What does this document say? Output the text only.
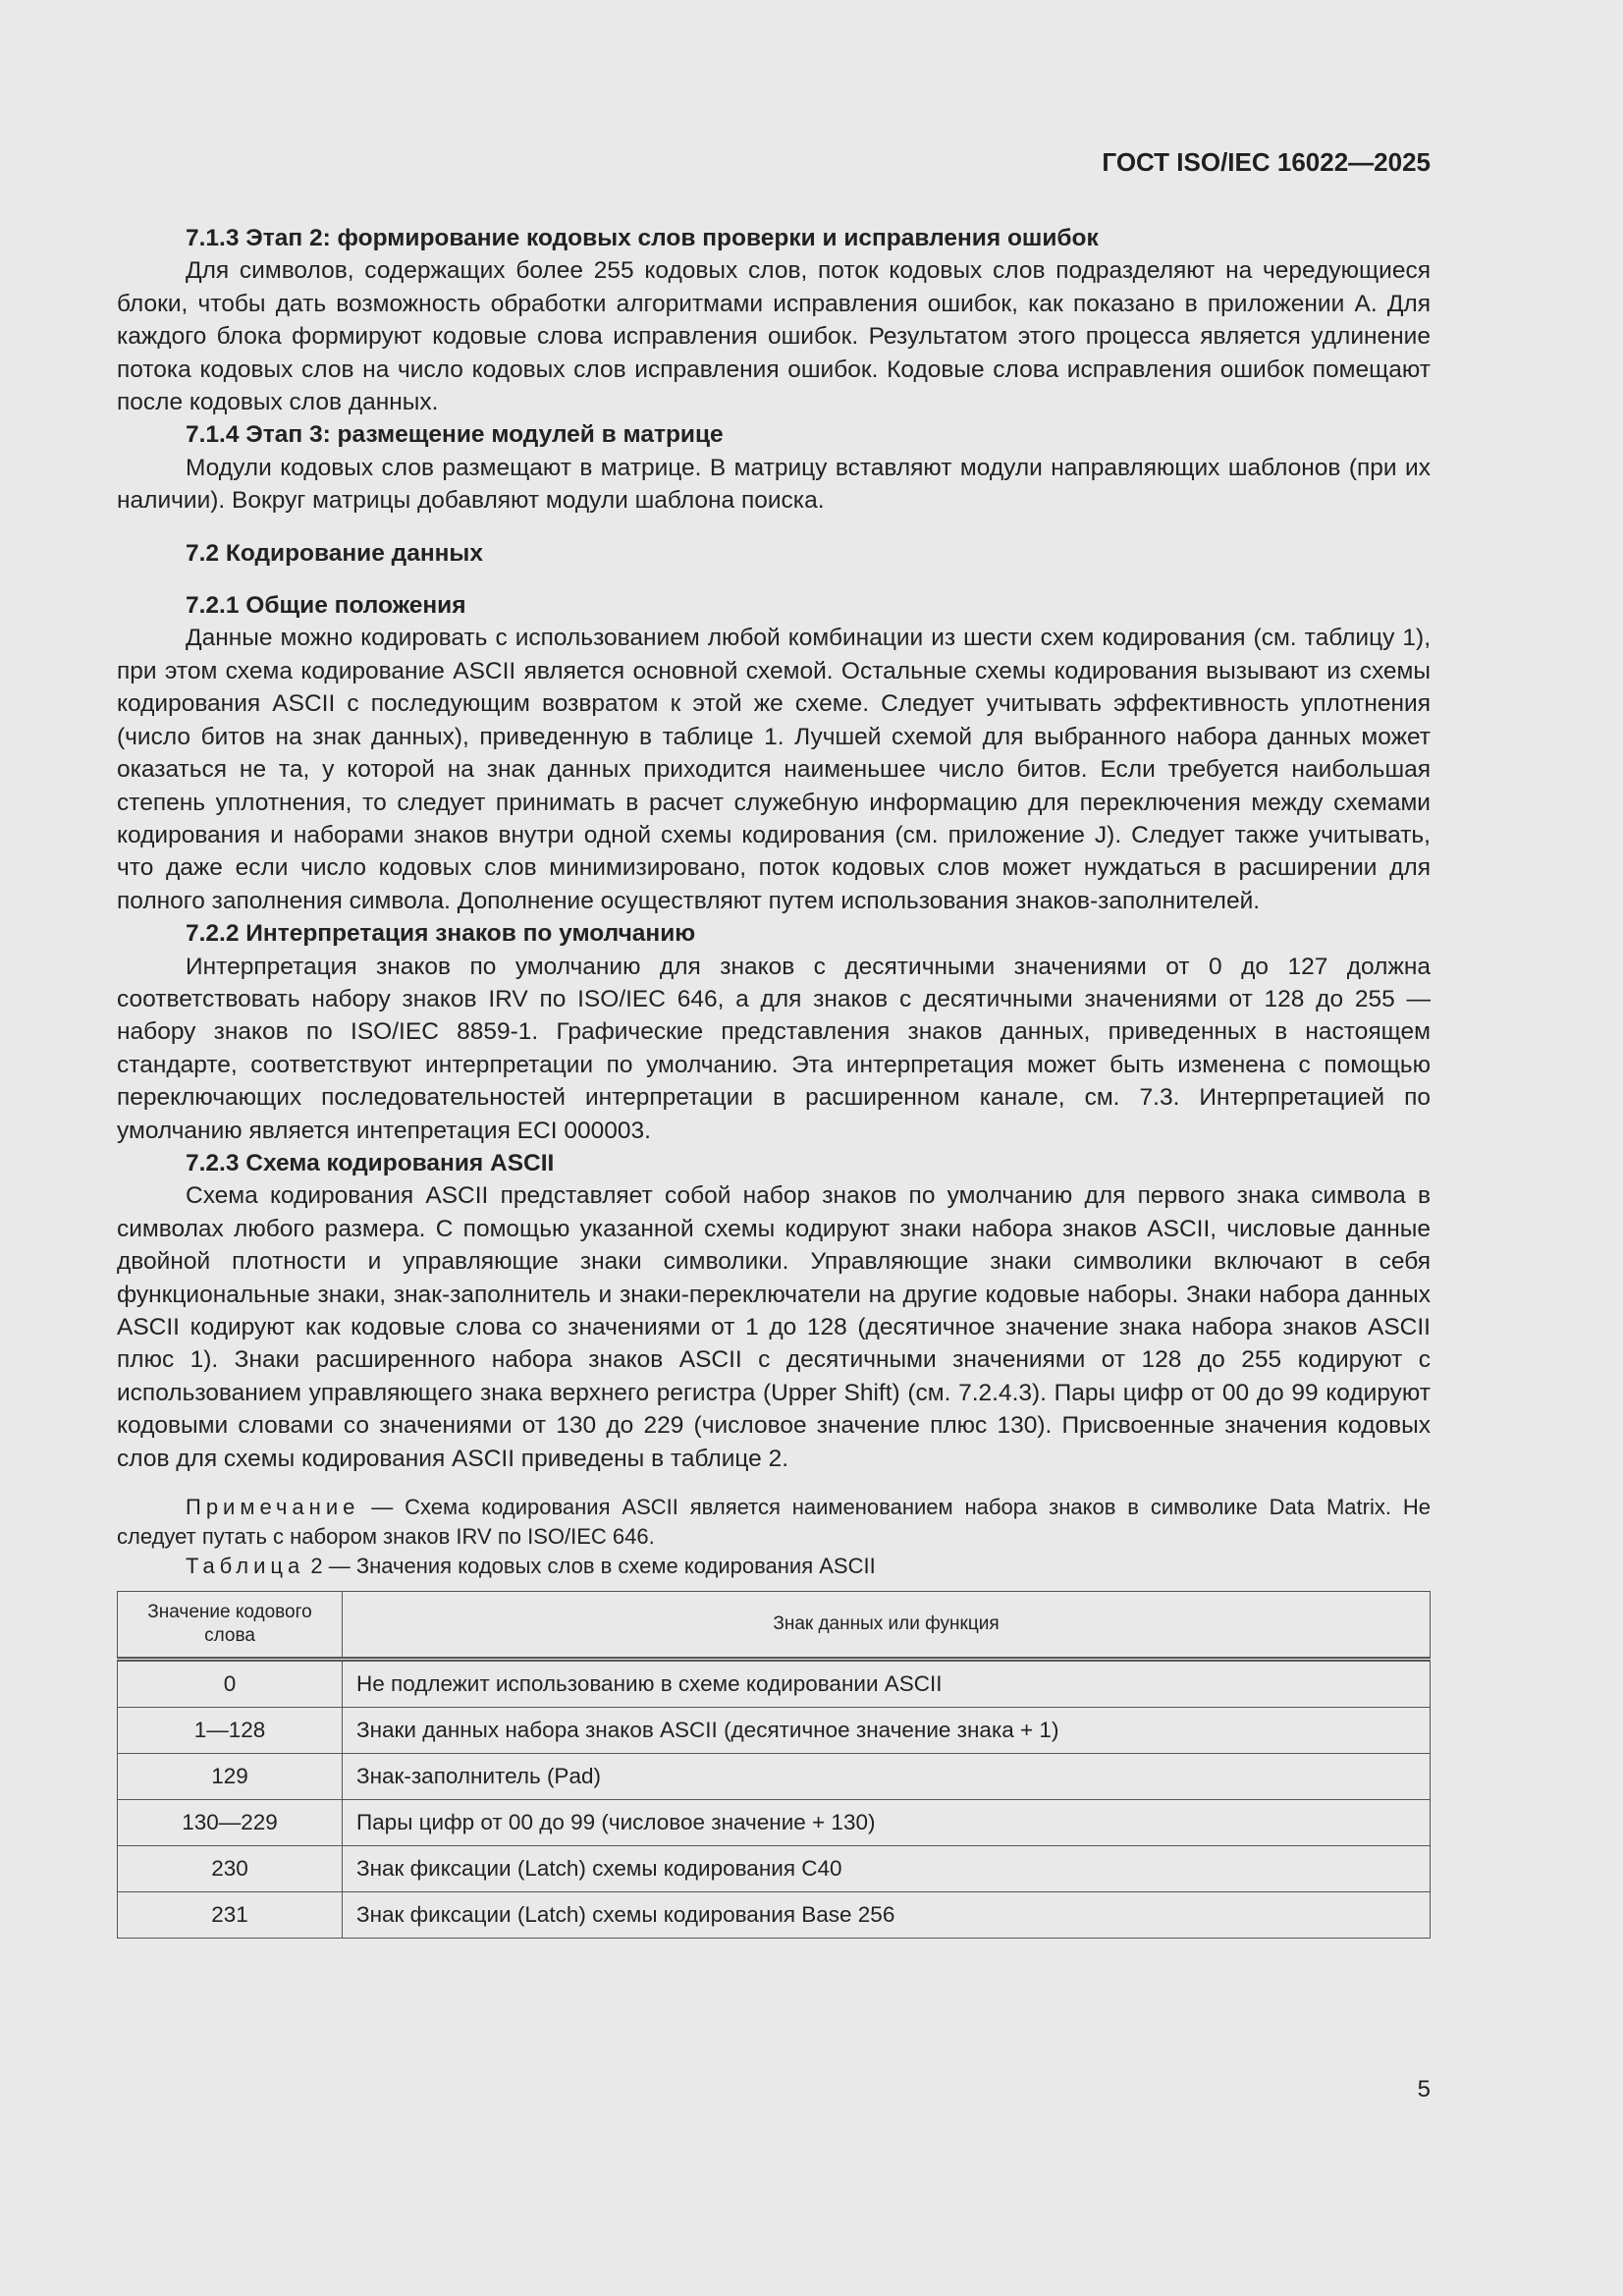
ГОСТ ISO/IEC 16022—2025
7.1.3 Этап 2: формирование кодовых слов проверки и исправления ошибок

Для символов, содержащих более 255 кодовых слов, поток кодовых слов подразделяют на чередующиеся блоки, чтобы дать возможность обработки алгоритмами исправления ошибок, как показано в приложении А. Для каждого блока формируют кодовые слова исправления ошибок. Результатом этого процесса является удлинение потока кодовых слов на число кодовых слов исправления ошибок. Кодовые слова исправления ошибок помещают после кодовых слов данных.

7.1.4 Этап 3: размещение модулей в матрице

Модули кодовых слов размещают в матрице. В матрицу вставляют модули направляющих шаблонов (при их наличии). Вокруг матрицы добавляют модули шаблона поиска.

7.2 Кодирование данных
7.2.1 Общие положения

Данные можно кодировать с использованием любой комбинации из шести схем кодирования (см. таблицу 1), при этом схема кодирование ASCII является основной схемой. Остальные схемы кодирования вызывают из схемы кодирования ASCII с последующим возвратом к этой же схеме. Следует учитывать эффективность уплотнения (число битов на знак данных), приведенную в таблице 1. Лучшей схемой для выбранного набора данных может оказаться не та, у которой на знак данных приходится наименьшее число битов. Если требуется наибольшая степень уплотнения, то следует принимать в расчет служебную информацию для переключения между схемами кодирования и наборами знаков внутри одной схемы кодирования (см. приложение J). Следует также учитывать, что даже если число кодовых слов минимизировано, поток кодовых слов может нуждаться в расширении для полного заполнения символа. Дополнение осуществляют путем использования знаков-заполнителей.

7.2.2 Интерпретация знаков по умолчанию

Интерпретация знаков по умолчанию для знаков с десятичными значениями от 0 до 127 должна соответствовать набору знаков IRV по ISO/IEC 646, а для знаков с десятичными значениями от 128 до 255 — набору знаков по ISO/IEC 8859-1. Графические представления знаков данных, приведенных в настоящем стандарте, соответствуют интерпретации по умолчанию. Эта интерпретация может быть изменена с помощью переключающих последовательностей интерпретации в расширенном канале, см. 7.3. Интерпретацией по умолчанию является интепретация ECI 000003.

7.2.3 Схема кодирования ASCII

Схема кодирования ASCII представляет собой набор знаков по умолчанию для первого знака символа в символах любого размера. С помощью указанной схемы кодируют знаки набора знаков ASCII, числовые данные двойной плотности и управляющие знаки символики. Управляющие знаки символики включают в себя функциональные знаки, знак-заполнитель и знаки-переключатели на другие кодовые наборы. Знаки набора данных ASCII кодируют как кодовые слова со значениями от 1 до 128 (десятичное значение знака набора знаков ASCII плюс 1). Знаки расширенного набора знаков ASCII с десятичными значениями от 128 до 255 кодируют с использованием управляющего знака верхнего регистра (Upper Shift) (см. 7.2.4.3). Пары цифр от 00 до 99 кодируют кодовыми словами со значениями от 130 до 229 (числовое значение плюс 130). Присвоенные значения кодовых слов для схемы кодирования ASCII приведены в таблице 2.

Примечание — Схема кодирования ASCII является наименованием набора знаков в символике Data Matrix. Не следует путать с набором знаков IRV по ISO/IEC 646.

Таблица 2 — Значения кодовых слов в схеме кодирования ASCII

Значение кодового слова	Знак данных или функция
0	Не подлежит использованию в схеме кодировании ASCII
1—128	Знаки данных набора знаков ASCII (десятичное значение знака + 1)
129	Знак-заполнитель (Pad)
130—229	Пары цифр от 00 до 99 (числовое значение + 130)
230	Знак фиксации (Latch) схемы кодирования C40
231	Знак фиксации (Latch) схемы кодирования Base 256
5
